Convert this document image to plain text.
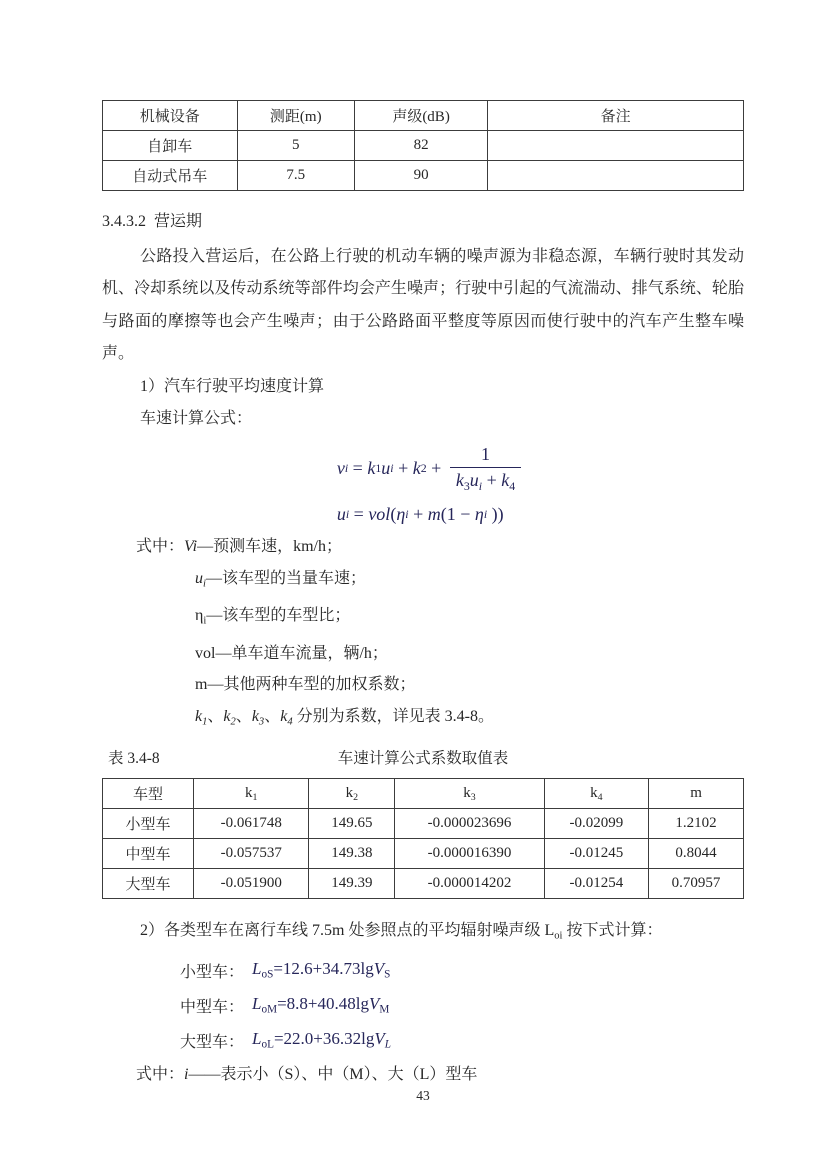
机械设备	测距(m)	声级(dB)	备注
自卸车	5	82	
自动式吊车	7.5	90	
3.4.3.2  营运期
公路投入营运后，在公路上行驶的机动车辆的噪声源为非稳态源，车辆行驶时其发动机、冷却系统以及传动系统等部件均会产生噪声；行驶中引起的气流湍动、排气系统、轮胎与路面的摩擦等也会产生噪声；由于公路路面平整度等原因而使行驶中的汽车产生整车噪声。
1）汽车行驶平均速度计算
车速计算公式：
v i = k 1 u i + k $2 + \frac{1}{k_3u_i + k_4}$
u i = vol ( η i + m (1 − η i ))
式中：Vi—预测车速，km/h；
$u_i—$该车型的当量车速；
$\eta_i—$该车型的车型比；
vol—单车道车流量，辆/h；
m—其他两种车型的加权系数；
$k_1$、$k_2$、$k_3$、$k_4$ 分别为系数，详见表 3.4-8。
表 3.4-8	车速计算公式系数取值表
车型	$k_1$	$k_2$	$k_3$	$k_4$	m
小型车	-0.061748	149.65	-0.000023696	-0.02099	1.2102
中型车	-0.057537	149.38	-0.000016390	-0.01245	0.8044
大型车	-0.051900	149.39	-0.000014202	-0.01254	0.70957
2）各类型车在离行车线 7.5m 处参照点的平均辐射噪声级 $L_{oi}$ 按下式计算：
小型车： $L_{oS}=12.6+34.73\lg V_S$
中型车： $L_{oM}=8.8+40.48\lg V_M$
大型车： $L_{oL}=22.0+36.32\lg V_L$
式中：i——表示小（S）、中（M）、大（L）型车
43
